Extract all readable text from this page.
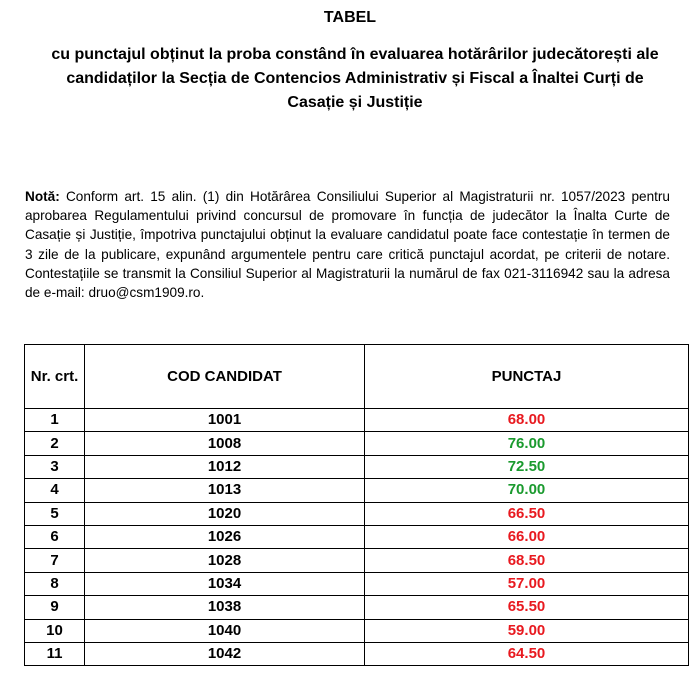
TABEL
cu punctajul obținut la proba constând în evaluarea hotărârilor judecătorești ale candidaților la Secția de Contencios Administrativ și Fiscal a Înaltei Curți de Casație și Justiție

Notă: Conform art. 15 alin. (1) din Hotărârea Consiliului Superior al Magistraturii nr. 1057/2023 pentru aprobarea Regulamentului privind concursul de promovare în funcția de judecător la Înalta Curte de Casație și Justiție, împotriva punctajului obținut la evaluare candidatul poate face contestație în termen de 3 zile de la publicare, expunând argumentele pentru care critică punctajul acordat, pe criterii de notare. Contestațiile se transmit la Consiliul Superior al Magistraturii la numărul de fax 021-3116942 sau la adresa de e-mail: druo@csm1909.ro.

Nr. crt.	COD CANDIDAT	PUNCTAJ
1	1001	68.00
2	1008	76.00
3	1012	72.50
4	1013	70.00
5	1020	66.50
6	1026	66.00
7	1028	68.50
8	1034	57.00
9	1038	65.50
10	1040	59.00
11	1042	64.50
